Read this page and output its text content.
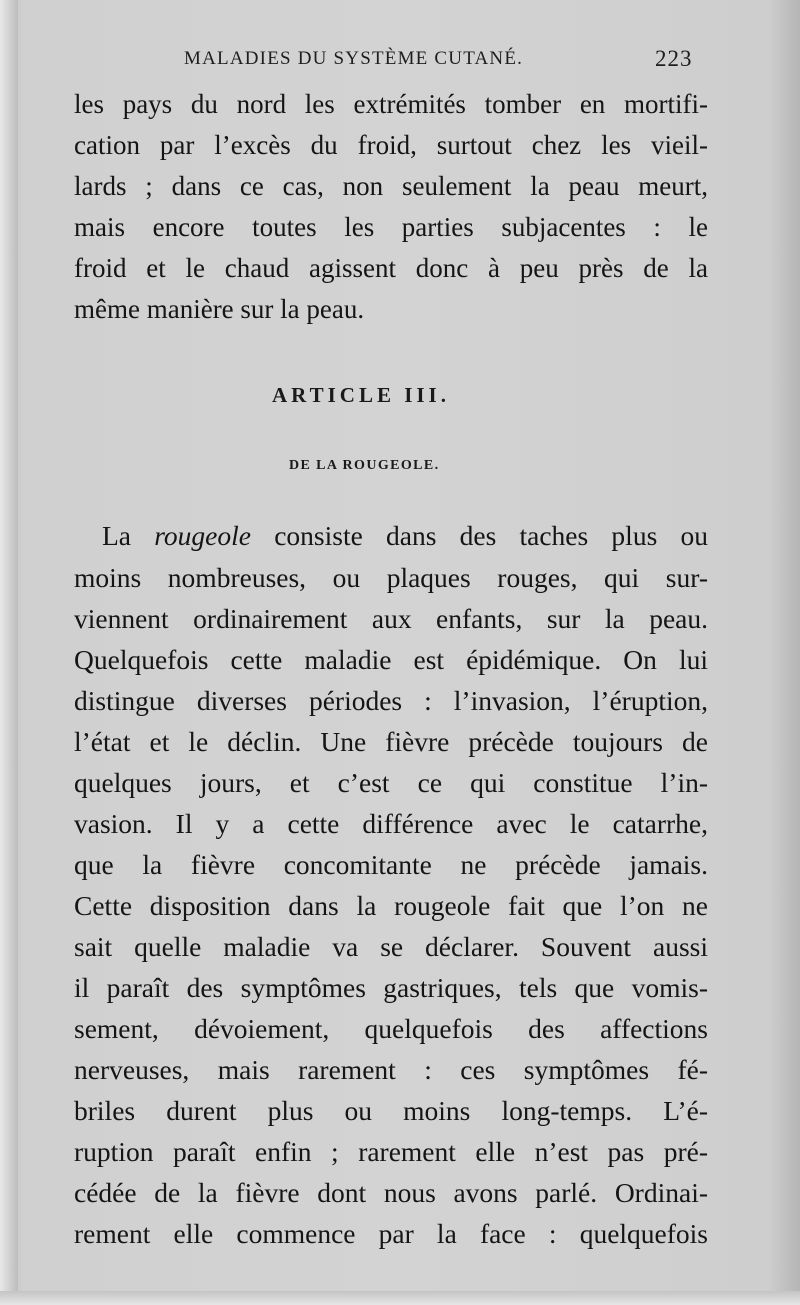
MALADIES DU SYSTÈME CUTANÉ.	223
les pays du nord les extrémités tomber en mortifi-
cation par l’excès du froid, surtout chez les vieil-
lards ; dans ce cas, non seulement la peau meurt,
mais encore toutes les parties subjacentes : le
froid et le chaud agissent donc à peu près de la
même manière sur la peau.
ARTICLE III.
DE LA ROUGEOLE.
La rougeole consiste dans des taches plus ou
moins nombreuses, ou plaques rouges, qui sur-
viennent ordinairement aux enfants, sur la peau.
Quelquefois cette maladie est épidémique. On lui
distingue diverses périodes : l’invasion, l’éruption,
l’état et le déclin. Une fièvre précède toujours de
quelques jours, et c’est ce qui constitue l’in-
vasion. Il y a cette différence avec le catarrhe,
que la fièvre concomitante ne précède jamais.
Cette disposition dans la rougeole fait que l’on ne
sait quelle maladie va se déclarer. Souvent aussi
il paraît des symptômes gastriques, tels que vomis-
sement, dévoiement, quelquefois des affections
nerveuses, mais rarement : ces symptômes fé-
briles durent plus ou moins long-temps. L’é-
ruption paraît enfin ; rarement elle n’est pas pré-
cédée de la fièvre dont nous avons parlé. Ordinai-
rement elle commence par la face : quelquefois
